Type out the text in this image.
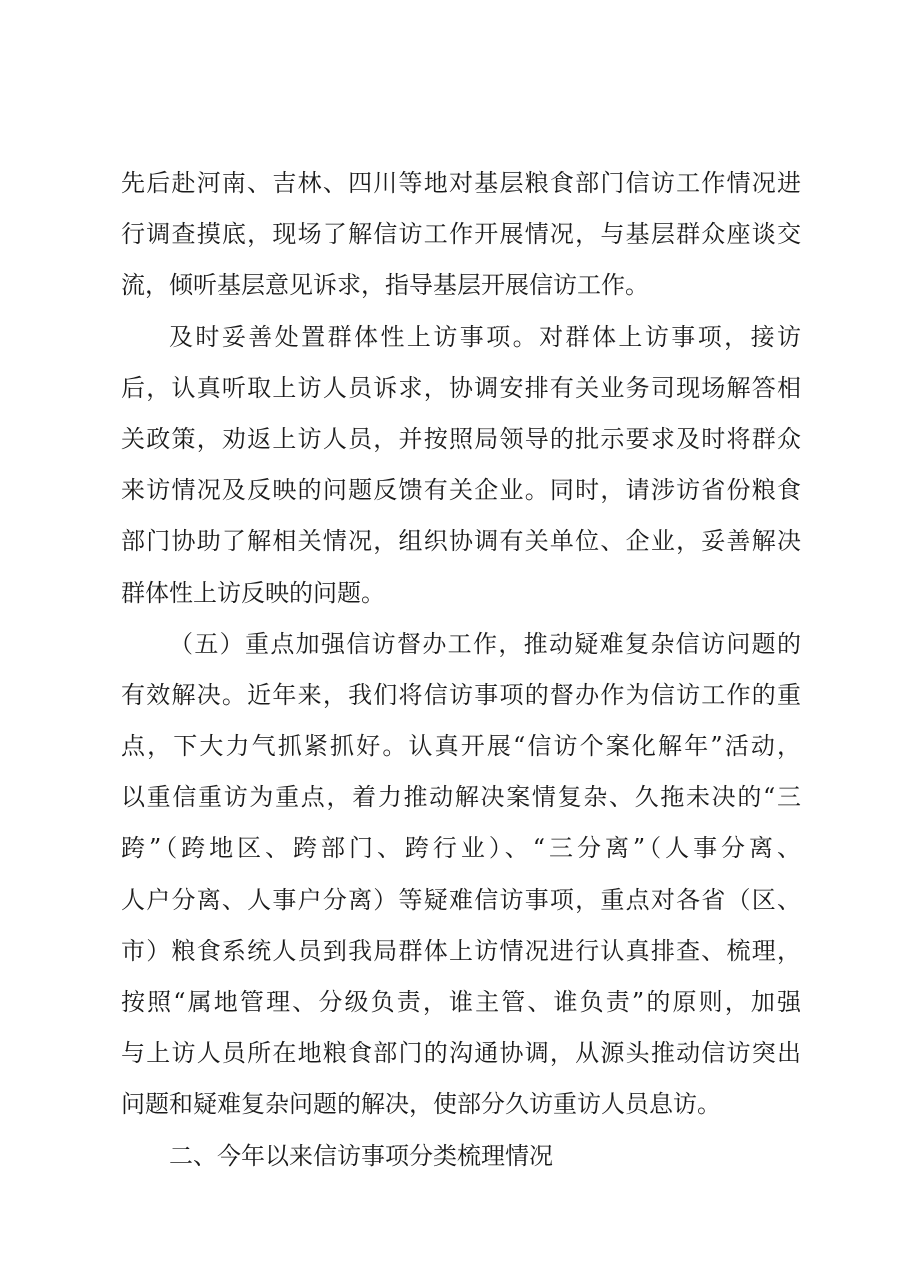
先后赴河南、吉林、四川等地对基层粮食部门信访工作情况进
行调查摸底，现场了解信访工作开展情况，与基层群众座谈交
流，倾听基层意见诉求，指导基层开展信访工作。
及时妥善处置群体性上访事项。对群体上访事项，接访
后，认真听取上访人员诉求，协调安排有关业务司现场解答相
关政策，劝返上访人员，并按照局领导的批示要求及时将群众
来访情况及反映的问题反馈有关企业。同时，请涉访省份粮食
部门协助了解相关情况，组织协调有关单位、企业，妥善解决
群体性上访反映的问题。
（五）重点加强信访督办工作，推动疑难复杂信访问题的
有效解决。近年来，我们将信访事项的督办作为信访工作的重
点，下大力气抓紧抓好。认真开展“信访个案化解年”活动，
以重信重访为重点，着力推动解决案情复杂、久拖未决的“三
跨”（跨地区、跨部门、跨行业）、“三分离”（人事分离、
人户分离、人事户分离）等疑难信访事项，重点对各省（区、
市）粮食系统人员到我局群体上访情况进行认真排查、梳理，
按照“属地管理、分级负责，谁主管、谁负责”的原则，加强
与上访人员所在地粮食部门的沟通协调，从源头推动信访突出
问题和疑难复杂问题的解决，使部分久访重访人员息访。
二、今年以来信访事项分类梳理情况
